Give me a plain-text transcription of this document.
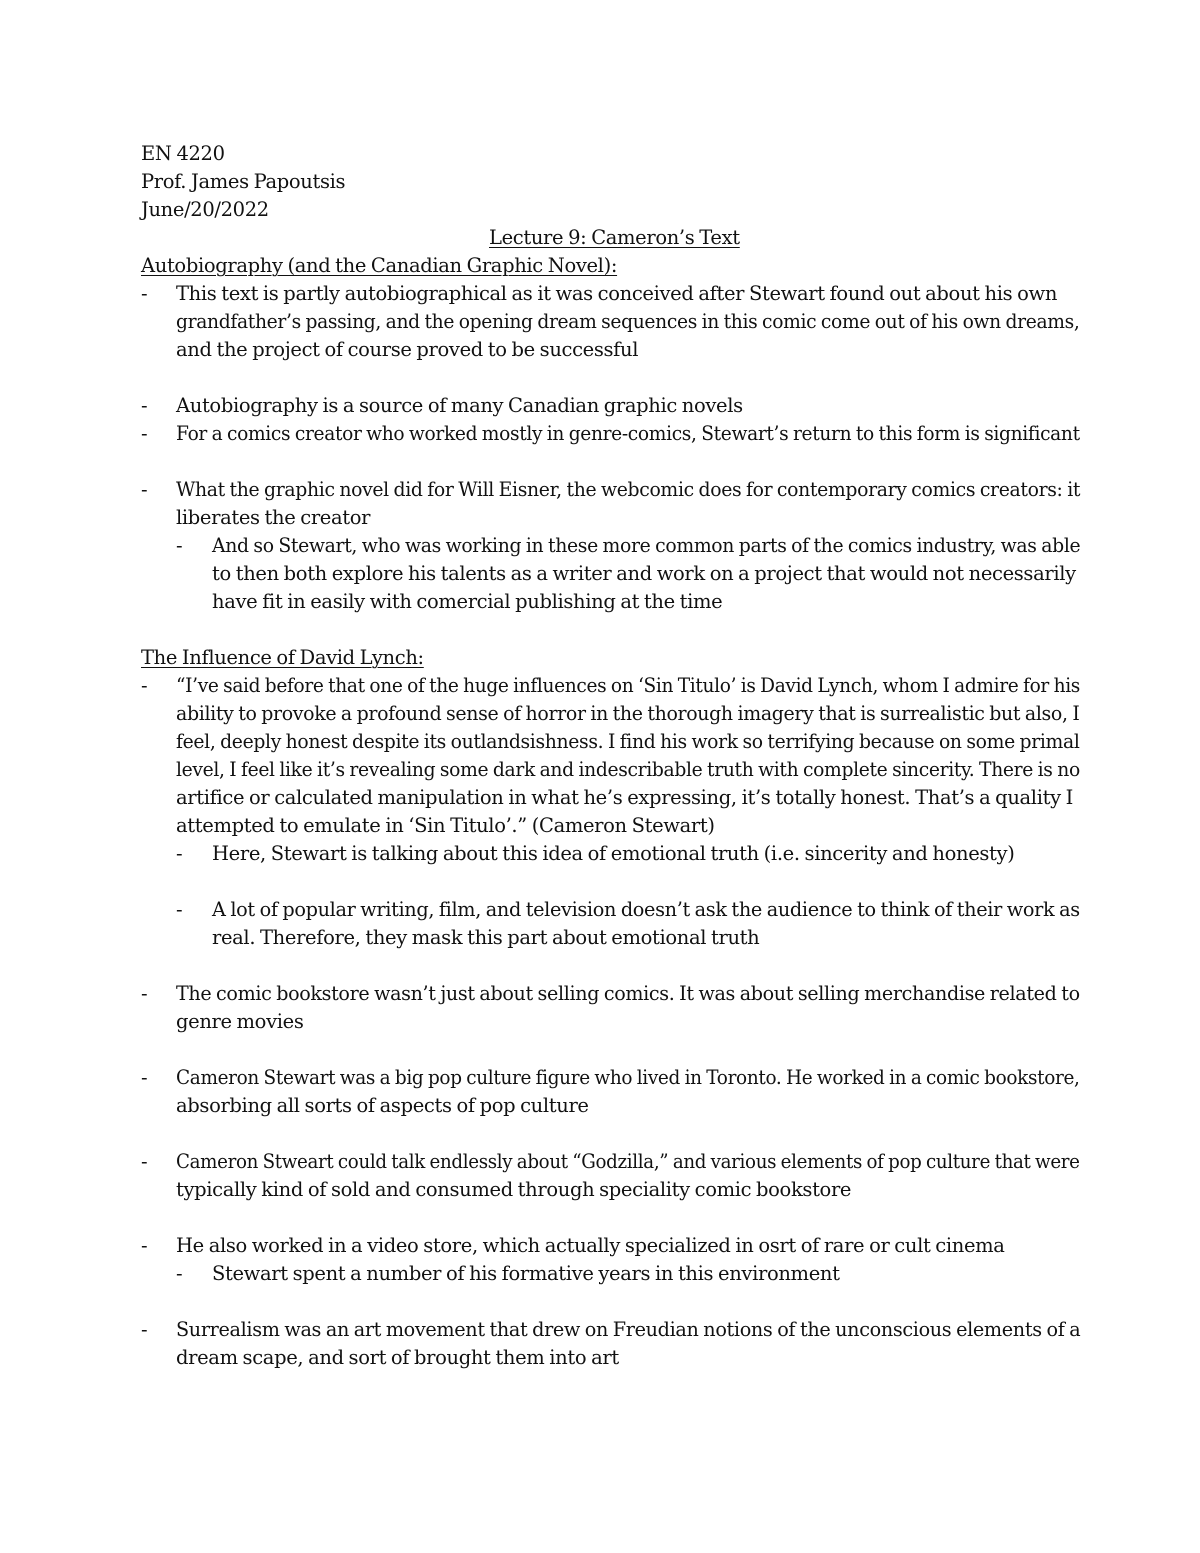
EN 4220
Prof. James Papoutsis
June/20/2022
Lecture 9: Cameron’s Text
Autobiography (and the Canadian Graphic Novel):
- This text is partly autobiographical as it was conceived after Stewart found out about his own
grandfather’s passing, and the opening dream sequences in this comic come out of his own dreams,
and the project of course proved to be successful
- Autobiography is a source of many Canadian graphic novels
- For a comics creator who worked mostly in genre-comics, Stewart’s return to this form is significant
- What the graphic novel did for Will Eisner, the webcomic does for contemporary comics creators: it
liberates the creator
- And so Stewart, who was working in these more common parts of the comics industry, was able
to then both explore his talents as a writer and work on a project that would not necessarily
have fit in easily with comercial publishing at the time
The Influence of David Lynch:
- “I’ve said before that one of the huge influences on ‘Sin Titulo’ is David Lynch, whom I admire for his
ability to provoke a profound sense of horror in the thorough imagery that is surrealistic but also, I
feel, deeply honest despite its outlandsishness. I find his work so terrifying because on some primal
level, I feel like it’s revealing some dark and indescribable truth with complete sincerity. There is no
artifice or calculated manipulation in what he’s expressing, it’s totally honest. That’s a quality I
attempted to emulate in ‘Sin Titulo’.” (Cameron Stewart)
- Here, Stewart is talking about this idea of emotional truth (i.e. sincerity and honesty)
- A lot of popular writing, film, and television doesn’t ask the audience to think of their work as
real. Therefore, they mask this part about emotional truth
- The comic bookstore wasn’t just about selling comics. It was about selling merchandise related to
genre movies
- Cameron Stewart was a big pop culture figure who lived in Toronto. He worked in a comic bookstore,
absorbing all sorts of aspects of pop culture
- Cameron Stweart could talk endlessly about “Godzilla,” and various elements of pop culture that were
typically kind of sold and consumed through speciality comic bookstore
- He also worked in a video store, which actually specialized in osrt of rare or cult cinema
- Stewart spent a number of his formative years in this environment
- Surrealism was an art movement that drew on Freudian notions of the unconscious elements of a
dream scape, and sort of brought them into art
